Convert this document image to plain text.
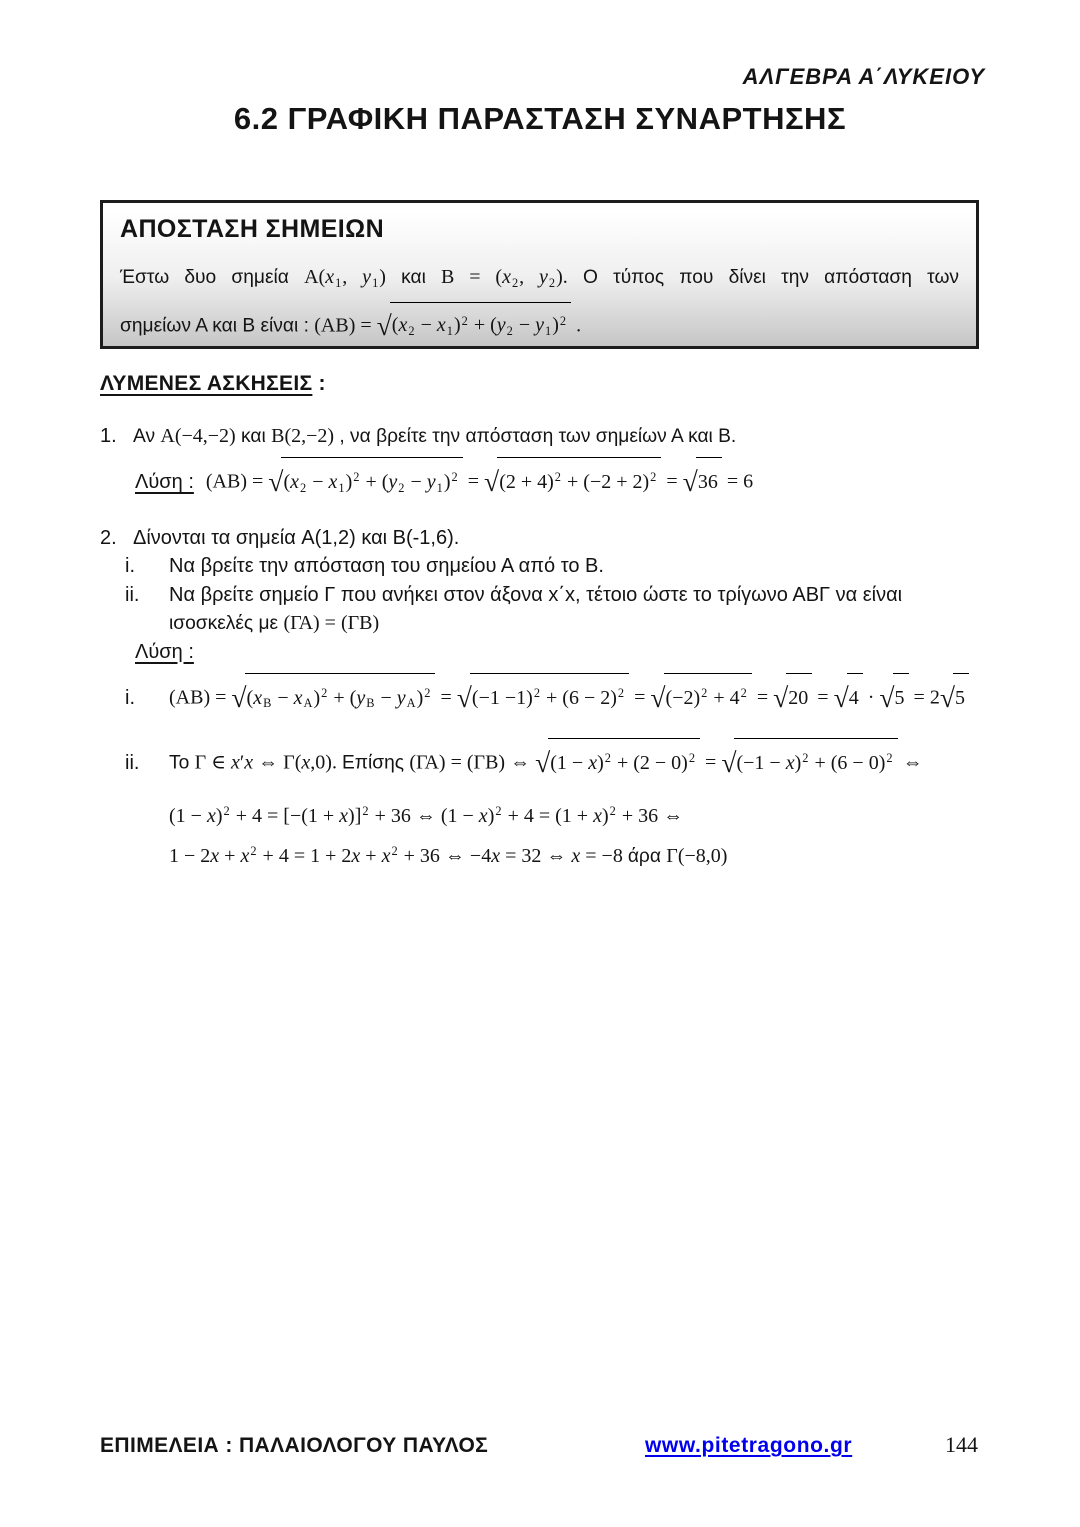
ΑΛΓΕΒΡΑ Α΄ΛΥΚΕΙΟΥ
6.2 ΓΡΑΦΙΚΗ ΠΑΡΑΣΤΑΣΗ ΣΥΝΑΡΤΗΣΗΣ
ΑΠΟΣΤΑΣΗ ΣΗΜΕΙΩΝ
Έστω δυο σημεία $A(x_1$, $y_1$) και $B = (x_2$, $y_2$). Ο τύπος που δίνει την απόσταση των
σημείων Α και Β είναι : $(AB) = √(x_2 - x_1)^2 + (y_2 - y_1)^2$ .
ΛΥΜΕΝΕΣ ΑΣΚΗΣΕΙΣ :
1. Αν A(−4,−2) και B(2,−2) , να βρείτε την απόσταση των σημείων Α και Β.
Λύση : $(AB) = √(x_2 - x_1)^2 + (y_2 - y_1)^2 = √(2 + 4)^2 + (-2 + 2)^2 = √36 = 6$
2. Δίνονται τα σημεία A(1,2) και B(-1,6).
i.	Να βρείτε την απόσταση του σημείου Α από το Β.
ii.	Να βρείτε σημείο Γ που ανήκει στον άξονα x΄x, τέτοιο ώστε το τρίγωνο ΑΒΓ να είναι
ισοσκελές με (ΓΑ) = (ΓΒ)
Λύση :
i.	$(AB) = √(x_B - x_A)^2 + (y_B - y_A)^2 = √(-1 -1)^2 + (6 - 2)^2 = √(-2)^2 + 4^2 = √20 = √4 \cdot √5 = 2√5$
ii.	Το Γ ∈ x′x ⇔ Γ(x,0). Επίσης (ΓΑ) = (ΓΒ) ⇔ $√(1 - x)^2 + (2 - 0)^2 = √(-1 - x)^2 + (6 - 0)^2$ ⇔
$(1 - x)^2 + 4 = [-(1 + x)]^2 + 36$ ⇔ $(1 - x)^2 + 4 = (1 + x)^2 + 36$ ⇔
$1 - 2x + x^2 + 4 = 1 + 2x + x^2 + 36$ ⇔ −4x = 32 ⇔ x = −8 άρα Γ(−8,0)
ΕΠΙΜΕΛΕΙΑ : ΠΑΛΑΙΟΛΟΓΟΥ ΠΑΥΛΟΣ	www.pitetragono.gr	144
